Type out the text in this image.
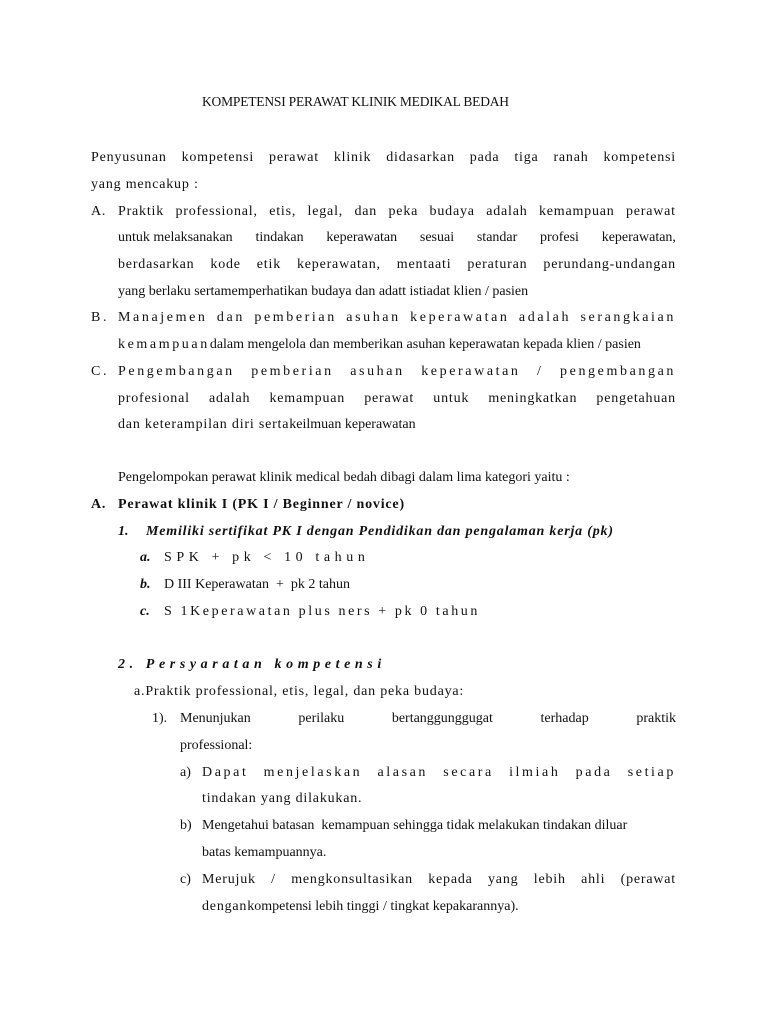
KOMPETENSI PERAWAT KLINIK MEDIKAL BEDAH
Penyusunan kompetensi perawat klinik didasarkan pada tiga ranah kompetensi
yang mencakup :
A. Praktik professional, etis, legal, dan peka budaya adalah kemampuan perawat
untuk melaksanakan tindakan keperawatan sesuai standar profesi keperawatan,
berdasarkan kode etik keperawatan, mentaati peraturan perundang-undangan
yang berlaku sertamemperhatikan budaya dan adatt istiadat klien / pasien
B. Manajemen dan pemberian asuhan keperawatan adalah serangkaian
kemampuandalam mengelola dan memberikan asuhan keperawatan kepada klien / pasien
C. Pengembangan pemberian asuhan keperawatan / pengembangan
profesional adalah kemampuan perawat untuk meningkatkan pengetahuan
dan keterampilan diri sertakeilmuan keperawatan
Pengelompokan perawat klinik medical bedah dibagi dalam lima kategori yaitu :
A. Perawat klinik I (PK I / Beginner / novice)
1. Memiliki sertifikat PK I dengan Pendidikan dan pengalaman kerja (pk)
a. SPK + pk < 10 tahun
b. D III Keperawatan  +  pk 2 tahun
c. S 1Keperawatan plus ners + pk 0 tahun
2. Persyaratan kompetensi
a.Praktik professional, etis, legal, dan peka budaya:
1). Menunjukan	perilaku	bertanggunggugat	terhadap	praktik
professional:
a) Dapat menjelaskan alasan secara ilmiah pada setiap
tindakan yang dilakukan.
b) Mengetahui batasan  kemampuan sehingga tidak melakukan tindakan diluar
batas kemampuannya.
c) Merujuk / mengkonsultasikan kepada yang lebih ahli (perawat
dengankompetensi lebih tinggi / tingkat kepakarannya).
